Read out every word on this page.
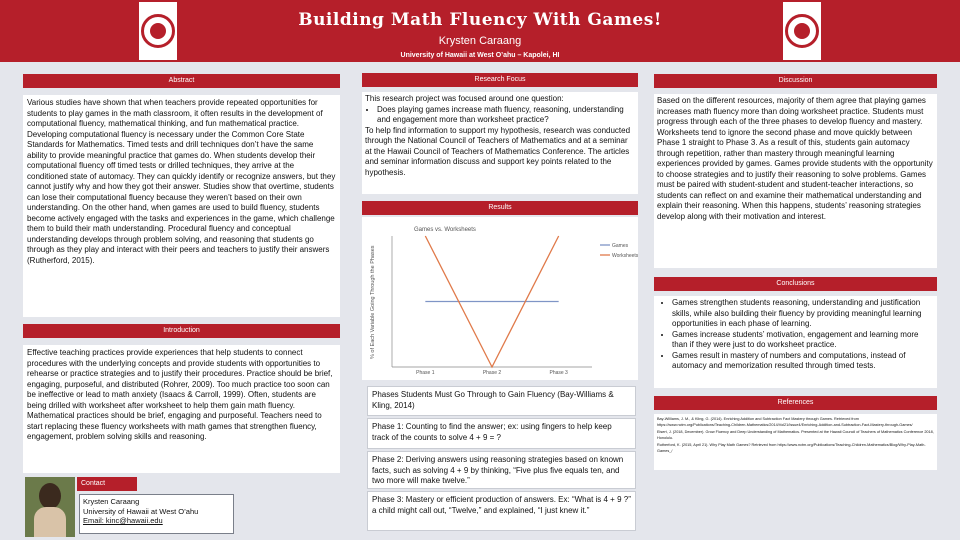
Building Math Fluency With Games!
Krysten Caraang
University of Hawaii at West O’ahu – Kapolei, HI
Abstract
Various studies have shown that when teachers provide repeated opportunities for students to play games in the math classroom, it often results in the development of computational fluency, mathematical thinking, and fun mathematical practice. Developing computational fluency is necessary under the Common Core State Standards for Mathematics. Timed tests and drill techniques don’t have the same ability to provide meaningful practice that games do. When students develop their computational fluency off timed tests or drilled techniques, they arrive at the conditioned state of automacy. They can quickly identify or recognize answers, but they cannot justify why and how they got their answer. Studies show that overtime, students can lose their computational fluency because they weren’t based on their own understanding. On the other hand, when games are used to build fluency, students become actively engaged with the tasks and experiences in the game, which challenge them to build their math understanding. Procedural fluency and conceptual understanding develops through problem solving, and reasoning that students go through as they play and interact with their peers and teachers to justify their answers (Rutherford, 2015).
Introduction
Effective teaching practices provide experiences that help students to connect procedures with the underlying concepts and provide students with opportunities to rehearse or practice strategies and to justify their procedures. Practice should be brief, engaging, purposeful, and distributed (Rohrer, 2009). Too much practice too soon can be ineffective or lead to math anxiety (Isaacs & Carroll, 1999). Often, students are being drilled with worksheet after worksheet to help them gain math fluency. Mathematical practices should be brief, engaging and purposeful. Teachers need to start replacing these fluency worksheets with math games that strengthen fluency, engagement, problem solving skills and reasoning.
Contact
Krysten Caraang
University of Hawaii at West O’ahu
Email: kinc@hawaii.edu
Research Focus
This research project was focused around one question:
• Does playing games increase math fluency, reasoning, understanding and engagement more than worksheet practice?
To help find information to support my hypothesis, research was conducted through the National Council of Teachers of Mathematics and at a seminar at the Hawaii Council of Teachers of Mathematics Conference. The articles and seminar information discuss and support key points related to the hypothesis.
Results
Games vs. Worksheets
% of Each Variable Going Through the Phases
Phase 1	Phase 2	Phase 3
Games
Worksheets
Phases Students Must Go Through to Gain Fluency (Bay-Williams & Kling, 2014)
Phase 1: Counting to find the answer; ex: using fingers to help keep track of the counts to solve 4 + 9 = ?
Phase 2: Deriving answers using reasoning strategies based on known facts, such as solving 4 + 9 by thinking, “Five plus five equals ten, and two more will make twelve.”
Phase 3: Mastery or efficient production of answers. Ex: “What is 4 + 9 ?” a child might call out, “Twelve,” and explained, “I just knew it.”
Discussion
Based on the different resources, majority of them agree that playing games increases math fluency more than doing worksheet practice. Students must progress through each of the three phases to develop fluency and mastery. Worksheets tend to ignore the second phase and move quickly between Phase 1 straight to Phase 3. As a result of this, students gain automacy through repetition, rather than mastery through meaningful learning experiences provided by games. Games provide students with the opportunity to choose strategies and to justify their reasoning to solve problems. Games must be paired with student-student and student-teacher interactions, so students can reflect on and examine their mathematical understanding and explain their reasoning. When this happens, students’ reasoning strategies develop along with their motivation and interest.
Conclusions
• Games strengthen students reasoning, understanding and justification skills, while also building their fluency by providing meaningful learning opportunities in each phase of learning.
• Games increase students’ motivation, engagement and learning more than if they were just to do worksheet practice.
• Games result in mastery of numbers and computations, instead of automacy and memorization resulted through timed tests.
References

Bay-Williams, J. M., & Kling, G. (2014). Enriching Addition and Subtraction Fact Mastery through Games. Retrieved from https://www.nctm.org/Publications/Teaching-Children-Mathematics/2014/Vol21/Issue4/Enriching-Addition-and-Subtraction-Fact-Mastery-through-Games/

Eisert, J. (2018, December). Grow Fluency and Deep Understanding of Mathematics. Presented at the Hawaii Council of Teachers of Mathematics Conference 2018, Honolulu.

Rutherford, K. (2015, April 21). Why Play Math Games? Retrieved from https://www.nctm.org/Publications/Teaching-Children-Mathematics/Blog/Why-Play-Math-Games_/
